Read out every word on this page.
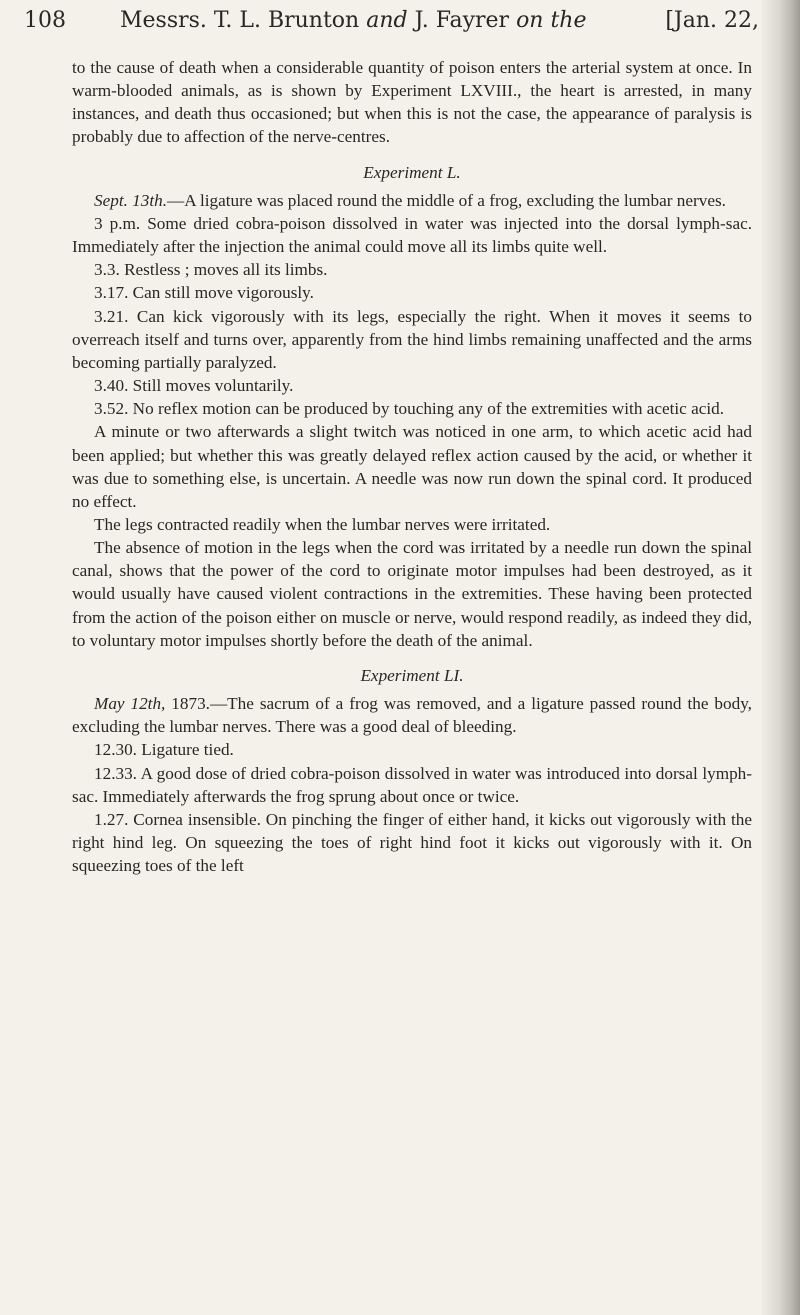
108 Messrs. T. L. Brunton and J. Fayrer on the	[Jan. 22,

to the cause of death when a considerable quantity of poison enters the arterial system at once. In warm-blooded animals, as is shown by Experiment LXVIII., the heart is arrested, in many instances, and death thus occasioned; but when this is not the case, the appearance of paralysis is probably due to affection of the nerve-centres.

Experiment L.

Sept. 13th.—A ligature was placed round the middle of a frog, excluding the lumbar nerves.

3 p.m. Some dried cobra-poison dissolved in water was injected into the dorsal lymph-sac. Immediately after the injection the animal could move all its limbs quite well.

3.3. Restless ; moves all its limbs.

3.17. Can still move vigorously.

3.21. Can kick vigorously with its legs, especially the right. When it moves it seems to overreach itself and turns over, apparently from the hind limbs remaining unaffected and the arms becoming partially paralyzed.

3.40. Still moves voluntarily.

3.52. No reflex motion can be produced by touching any of the extremities with acetic acid.

A minute or two afterwards a slight twitch was noticed in one arm, to which acetic acid had been applied; but whether this was greatly delayed reflex action caused by the acid, or whether it was due to something else, is uncertain. A needle was now run down the spinal cord. It produced no effect.

The legs contracted readily when the lumbar nerves were irritated.

The absence of motion in the legs when the cord was irritated by a needle run down the spinal canal, shows that the power of the cord to originate motor impulses had been destroyed, as it would usually have caused violent contractions in the extremities. These having been protected from the action of the poison either on muscle or nerve, would respond readily, as indeed they did, to voluntary motor impulses shortly before the death of the animal.

Experiment LI.

May 12th, 1873.—The sacrum of a frog was removed, and a ligature passed round the body, excluding the lumbar nerves. There was a good deal of bleeding.

12.30. Ligature tied.

12.33. A good dose of dried cobra-poison dissolved in water was introduced into dorsal lymph-sac. Immediately afterwards the frog sprung about once or twice.

1.27. Cornea insensible. On pinching the finger of either hand, it kicks out vigorously with the right hind leg. On squeezing the toes of right hind foot it kicks out vigorously with it. On squeezing toes of the left
